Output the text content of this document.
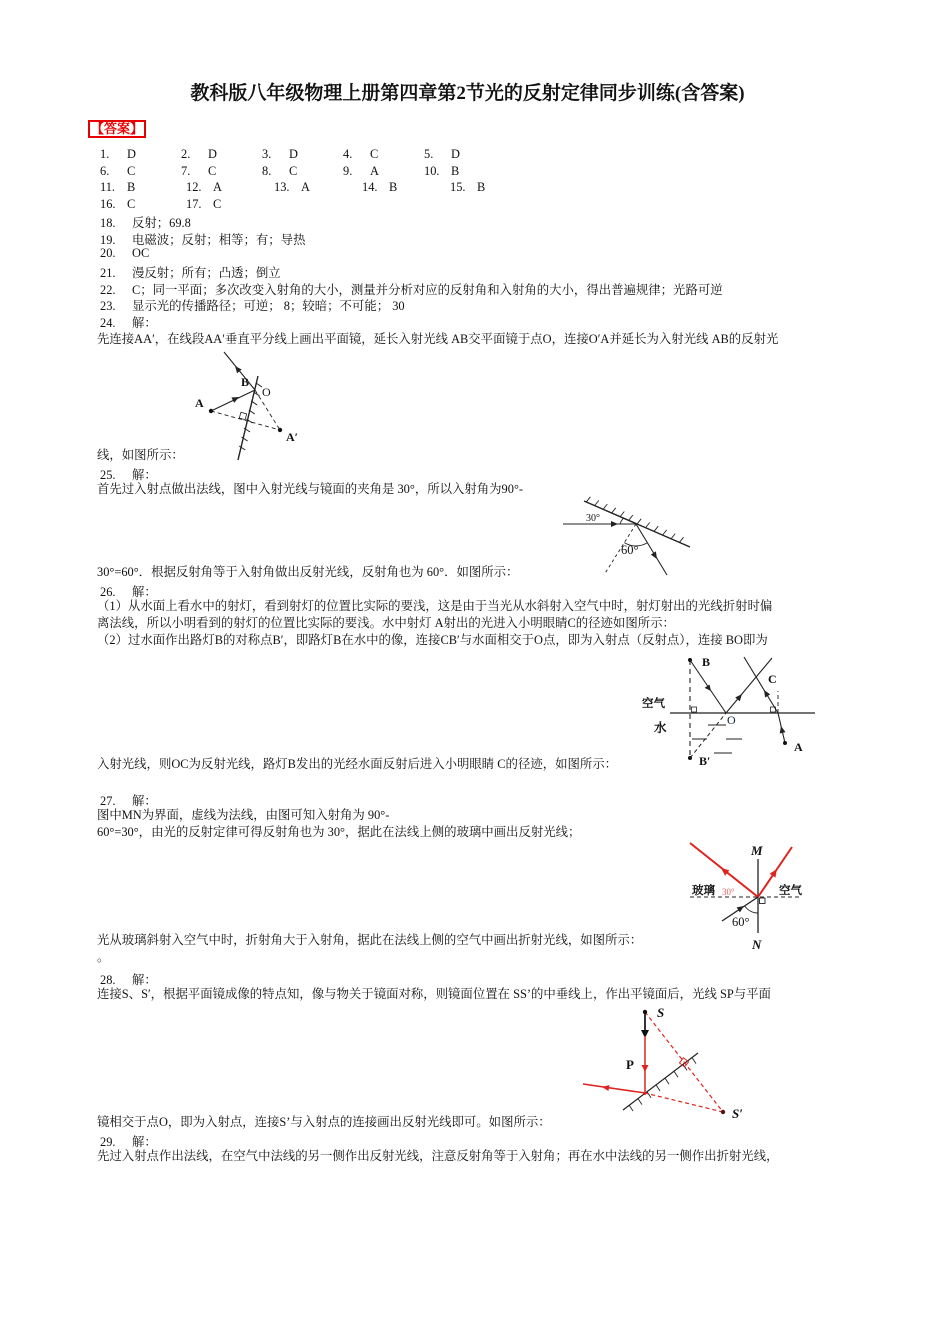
教科版八年级物理上册第四章第2节光的反射定律同步训练(含答案)
【答案】
1. D	2. D	3. D	4. C	5. D
6. C	7. C	8. C	9. A	10. B
11. B	12. A	13. A	14. B	15. B
16. C	17. C
18. 反射；69.8
19. 电磁波；反射；相等；有；导热
20. OC
21. 漫反射；所有；凸透；倒立
22. C；同一平面；多次改变入射角的大小，测量并分析对应的反射角和入射角的大小，得出普遍规律；光路可逆
23. 显示光的传播路径；可逆； 8；较暗；不可能； 30
24. 解：
先连接AA′，在线段AA′垂直平分线上画出平面镜，延长入射光线 AB交平面镜于点O，连接O′A并延长为入射光线 AB的反射光
线，如图所示：
25. 解：
首先过入射点做出法线，图中入射光线与镜面的夹角是 30°，所以入射角为90°-
30°=60°．根据反射角等于入射角做出反射光线，反射角也为 60°．如图所示：
26. 解：
（1）从水面上看水中的射灯，看到射灯的位置比实际的要浅，这是由于当光从水斜射入空气中时，射灯射出的光线折射时偏
离法线，所以小明看到的射灯的位置比实际的要浅。水中射灯 A射出的光进入小明眼睛C的径迹如图所示：
（2）过水面作出路灯B的对称点B′，即路灯B在水中的像，连接CB′与水面相交于O点，即为入射点（反射点），连接 BO即为
入射光线，则OC为反射光线，路灯B发出的光经水面反射后进入小明眼睛 C的径迹，如图所示：
27. 解：
图中MN为界面，虚线为法线，由图可知入射角为 90°-
60°=30°，由光的反射定律可得反射角也为 30°，据此在法线上侧的玻璃中画出反射光线；
光从玻璃斜射入空气中时，折射角大于入射角，据此在法线上侧的空气中画出折射光线，如图所示：
。
28. 解：
连接S、S′，根据平面镜成像的特点知，像与物关于镜面对称，则镜面位置在 SS’的中垂线上，作出平镜面后，光线 SP与平面
镜相交于点O，即为入射点，连接S’与入射点的连接画出反射光线即可。如图所示：
29. 解：
先过入射点作出法线，在空气中法线的另一侧作出反射光线，注意反射角等于入射角；再在水中法线的另一侧作出折射光线，
A
B
O
A′
30°
60°
B
O
C
A
B′
空气
水
30°
60°
M
N
玻璃	空气
S
P
S′
